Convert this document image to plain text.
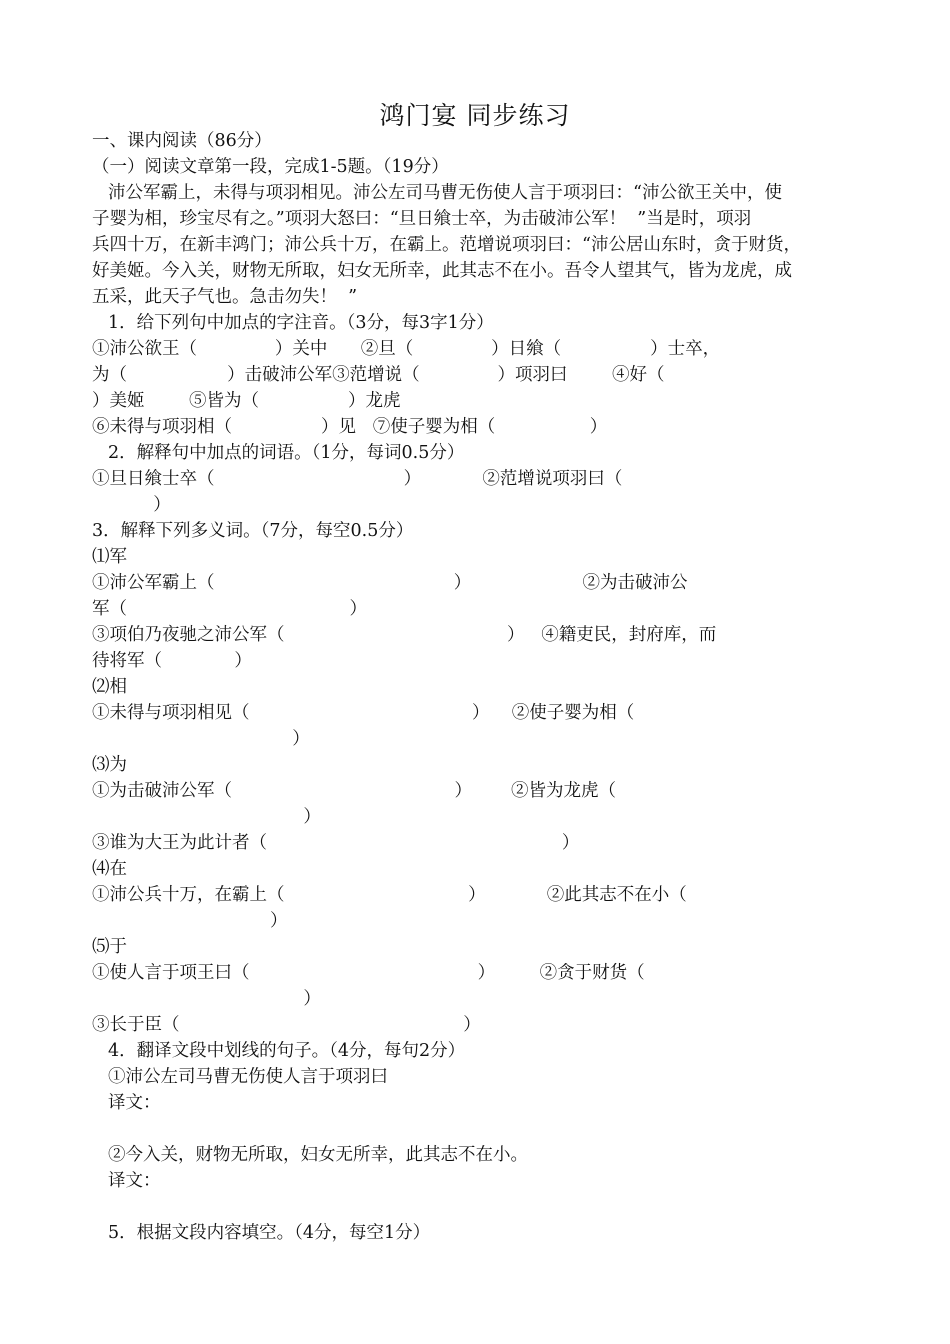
鸿门宴 同步练习
一、课内阅读（86分）
（一）阅读文章第一段，完成1-5题。（19分）
沛公军霸上，未得与项羽相见。沛公左司马曹无伤使人言于项羽曰：“沛公欲王关中，使
子婴为相，珍宝尽有之。”项羽大怒曰：“旦日飨士卒，为击破沛公军！  ”当是时，项羽
兵四十万，在新丰鸿门；沛公兵十万，在霸上。范增说项羽曰：“沛公居山东时，贪于财货，
好美姬。今入关，财物无所取，妇女无所幸，此其志不在小。吾令人望其气，皆为龙虎，成
五采，此天子气也。急击勿失！  ”
1．给下列句中加点的字注音。（3分，每3字1分）
①沛公欲王（              ）关中      ②旦（              ）日飨（                ）士卒，
为（                  ）击破沛公军③范增说（              ）项羽曰        ④好（
）美姬        ⑤皆为（                ）龙虎
⑥未得与项羽相（                ）见   ⑦使子婴为相（                 ）
2．解释句中加点的词语。（1分，每词0.5分）
①旦日飨士卒（                                  ）           ②范增说项羽曰（
）
3．解释下列多义词。（7分，每空0.5分）
⑴军
①沛公军霸上（                                           ）                    ②为击破沛公
军（                                        ）
③项伯乃夜驰之沛公军（                                        ）   ④籍吏民，封府库，而
待将军（             ）
⑵相
①未得与项羽相见（                                        ）    ②使子婴为相（
）
⑶为
①为击破沛公军（                                        ）       ②皆为龙虎（
）
③谁为大王为此计者（                                                     ）
⑷在
①沛公兵十万，在霸上（                                 ）           ②此其志不在小（
）
⑸于
①使人言于项王曰（                                         ）        ②贪于财货（
）
③长于臣（                                                   ）
4．翻译文段中划线的句子。（4分，每句2分）
①沛公左司马曹无伤使人言于项羽曰
译文：
②今入关，财物无所取，妇女无所幸，此其志不在小。
译文：
5．根据文段内容填空。（4分，每空1分）
